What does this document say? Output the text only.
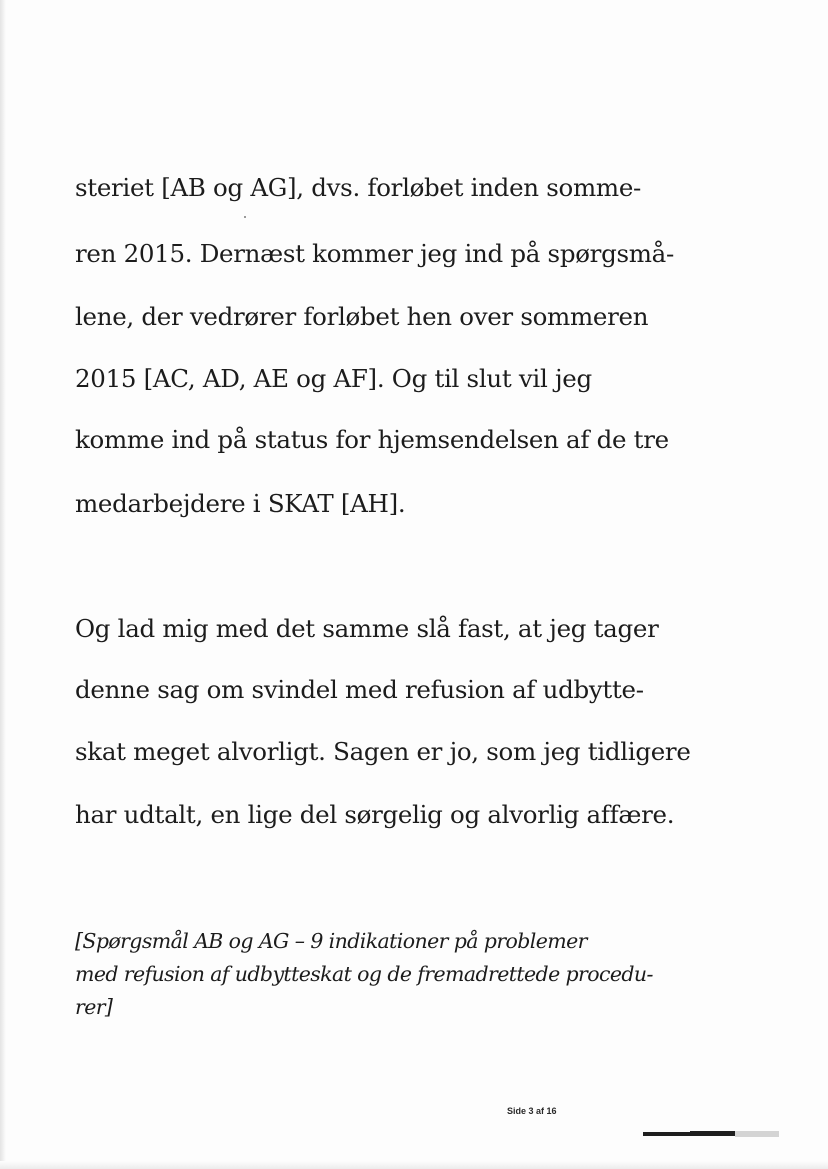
steriet [AB og AG], dvs. forløbet inden somme-
ren 2015. Dernæst kommer jeg ind på spørgsmå-
lene, der vedrører forløbet hen over sommeren
2015 [AC, AD, AE og AF]. Og til slut vil jeg
komme ind på status for hjemsendelsen af de tre
medarbejdere i SKAT [AH].
Og lad mig med det samme slå fast, at jeg tager
denne sag om svindel med refusion af udbytte-
skat meget alvorligt. Sagen er jo, som jeg tidligere
har udtalt, en lige del sørgelig og alvorlig affære.
[Spørgsmål AB og AG – 9 indikationer på problemer
med refusion af udbytteskat og de fremadrettede procedu-
rer]
Side 3 af 16
